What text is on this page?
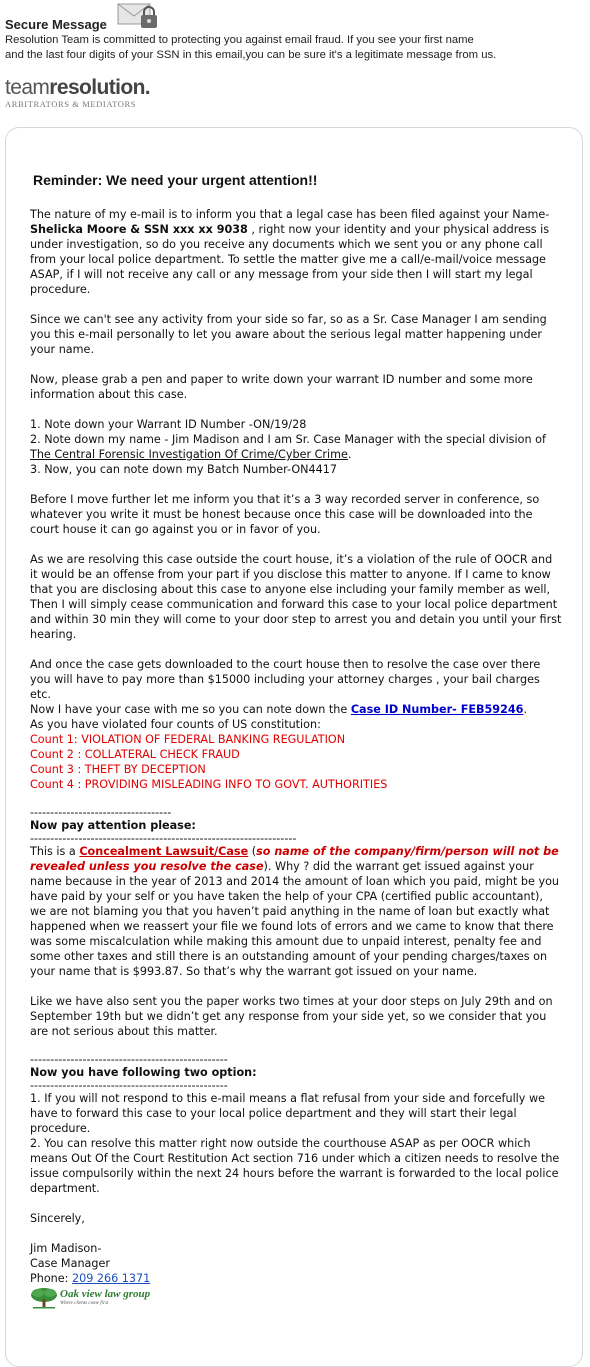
Secure Message
Resolution Team is committed to protecting you against email fraud. If you see your first name
and the last four digits of your SSN in this email,you can be sure it's a legitimate message from us.
teamresolution.
ARBITRATORS & MEDIATORS
Reminder: We need your urgent attention!!

The nature of my e-mail is to inform you that a legal case has been filed against your Name-Shelicka Moore & SSN xxx xx 9038 , right now your identity and your physical address is under investigation, so do you receive any documents which we sent you or any phone call from your local police department. To settle the matter give me a call/e-mail/voice message ASAP, if I will not receive any call or any message from your side then I will start my legal procedure.

Since we can't see any activity from your side so far, so as a Sr. Case Manager I am sending you this e-mail personally to let you aware about the serious legal matter happening under your name.

Now, please grab a pen and paper to write down your warrant ID number and some more information about this case.

1. Note down your Warrant ID Number -ON/19/28
2. Note down my name - Jim Madison and I am Sr. Case Manager with the special division of The Central Forensic Investigation Of Crime/Cyber Crime.
3. Now, you can note down my Batch Number-ON4417

Before I move further let me inform you that it’s a 3 way recorded server in conference, so whatever you write it must be honest because once this case will be downloaded into the court house it can go against you or in favor of you.

As we are resolving this case outside the court house, it’s a violation of the rule of OOCR and it would be an offense from your part if you disclose this matter to anyone. If I came to know that you are disclosing about this case to anyone else including your family member as well, Then I will simply cease communication and forward this case to your local police department and within 30 min they will come to your door step to arrest you and detain you until your first hearing.

And once the case gets downloaded to the court house then to resolve the case over there you will have to pay more than $15000 including your attorney charges , your bail charges etc.
Now I have your case with me so you can note down the Case ID Number- FEB59246.
As you have violated four counts of US constitution:
Count 1: VIOLATION OF FEDERAL BANKING REGULATION
Count 2 : COLLATERAL CHECK FRAUD
Count 3 : THEFT BY DECEPTION
Count 4 : PROVIDING MISLEADING INFO TO GOVT. AUTHORITIES
-----------------------------------
Now pay attention please:
------------------------------------------------------------------

This is a Concealment Lawsuit/Case (so name of the company/firm/person will not be revealed unless you resolve the case). Why ? did the warrant get issued against your name because in the year of 2013 and 2014 the amount of loan which you paid, might be you have paid by your self or you have taken the help of your CPA (certified public accountant), we are not blaming you that you haven’t paid anything in the name of loan but exactly what happened when we reassert your file we found lots of errors and we came to know that there was some miscalculation while making this amount due to unpaid interest, penalty fee and some other taxes and still there is an outstanding amount of your pending charges/taxes on your name that is $993.87. So that’s why the warrant got issued on your name.

Like we have also sent you the paper works two times at your door steps on July 29th and on September 19th but we didn’t get any response from your side yet, so we consider that you are not serious about this matter.

-------------------------------------------------
Now you have following two option:
-------------------------------------------------
1. If you will not respond to this e-mail means a flat refusal from your side and forcefully we have to forward this case to your local police department and they will start their legal procedure.

2. You can resolve this matter right now outside the courthouse ASAP as per OOCR which means Out Of the Court Restitution Act section 716 under which a citizen needs to resolve the issue compulsorily within the next 24 hours before the warrant is forwarded to the local police department.

Sincerely,

Jim Madison-
Case Manager
Phone: 209 266 1371
Oak view law group
Where clients come first
